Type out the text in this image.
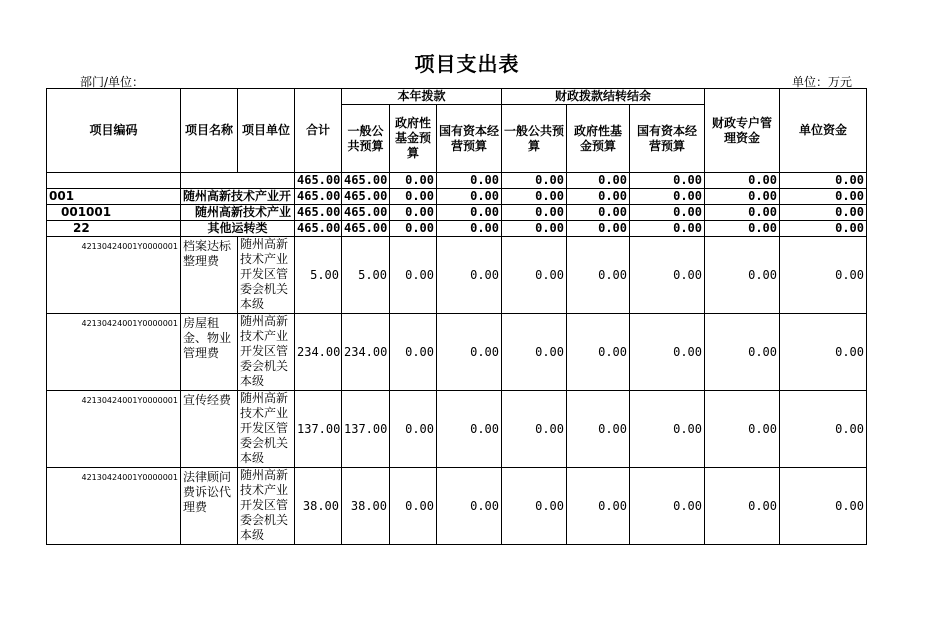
项目支出表
部门/单位：	单位：万元
项目编码	项目名称	项目单位	合计	本年拨款			财政拨款结转结余			财政专户管理资金	单位资金
				一般公共预算	政府性基金预算	国有资本经营预算	一般公共预算	政府性基金预算	国有资本经营预算		
			465.00	465.00	0.00	0.00	0.00	0.00	0.00	0.00	0.00
001	随州高新技术产业开		465.00	465.00	0.00	0.00	0.00	0.00	0.00	0.00	0.00
001001	随州高新技术产业		465.00	465.00	0.00	0.00	0.00	0.00	0.00	0.00	0.00
22	其他运转类		465.00	465.00	0.00	0.00	0.00	0.00	0.00	0.00	0.00
42130424001Y0000001	档案达标整理费	随州高新技术产业开发区管委会机关本级	5.00	5.00	0.00	0.00	0.00	0.00	0.00	0.00	0.00
42130424001Y0000001	房屋租金、物业管理费	随州高新技术产业开发区管委会机关本级	234.00	234.00	0.00	0.00	0.00	0.00	0.00	0.00	0.00
42130424001Y0000001	宣传经费	随州高新技术产业开发区管委会机关本级	137.00	137.00	0.00	0.00	0.00	0.00	0.00	0.00	0.00
42130424001Y0000001	法律顾问费诉讼代理费	随州高新技术产业开发区管委会机关本级	38.00	38.00	0.00	0.00	0.00	0.00	0.00	0.00	0.00
